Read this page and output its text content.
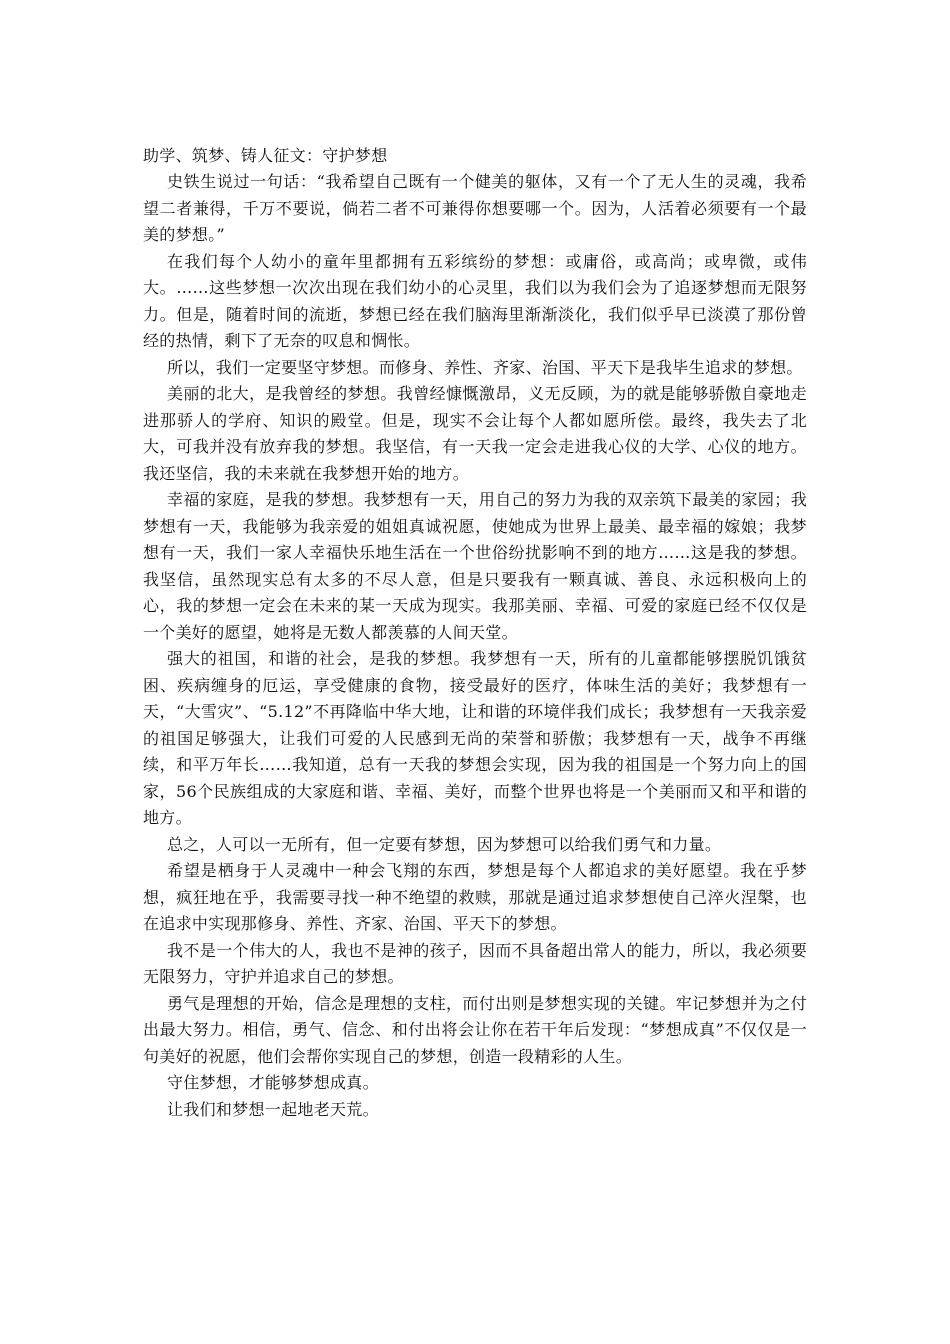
助学、筑梦、铸人征文：守护梦想

史铁生说过一句话：“我希望自己既有一个健美的躯体，又有一个了无人生的灵魂，我希望二者兼得，千万不要说，倘若二者不可兼得你想要哪一个。因为，人活着必须要有一个最美的梦想。”

在我们每个人幼小的童年里都拥有五彩缤纷的梦想：或庸俗，或高尚；或卑微，或伟大。……这些梦想一次次出现在我们幼小的心灵里，我们以为我们会为了追逐梦想而无限努力。但是，随着时间的流逝，梦想已经在我们脑海里渐渐淡化，我们似乎早已淡漠了那份曾经的热情，剩下了无奈的叹息和惆怅。

所以，我们一定要坚守梦想。而修身、养性、齐家、治国、平天下是我毕生追求的梦想。

美丽的北大，是我曾经的梦想。我曾经慷慨激昂，义无反顾，为的就是能够骄傲自豪地走进那骄人的学府、知识的殿堂。但是，现实不会让每个人都如愿所偿。最终，我失去了北大，可我并没有放弃我的梦想。我坚信，有一天我一定会走进我心仪的大学、心仪的地方。我还坚信，我的未来就在我梦想开始的地方。

幸福的家庭，是我的梦想。我梦想有一天，用自己的努力为我的双亲筑下最美的家园；我梦想有一天，我能够为我亲爱的姐姐真诚祝愿，使她成为世界上最美、最幸福的嫁娘；我梦想有一天，我们一家人幸福快乐地生活在一个世俗纷扰影响不到的地方……这是我的梦想。我坚信，虽然现实总有太多的不尽人意，但是只要我有一颗真诚、善良、永远积极向上的心，我的梦想一定会在未来的某一天成为现实。我那美丽、幸福、可爱的家庭已经不仅仅是一个美好的愿望，她将是无数人都羡慕的人间天堂。

强大的祖国，和谐的社会，是我的梦想。我梦想有一天，所有的儿童都能够摆脱饥饿贫困、疾病缠身的厄运，享受健康的食物，接受最好的医疗，体味生活的美好；我梦想有一天，“大雪灾”、“5.12”不再降临中华大地，让和谐的环境伴我们成长；我梦想有一天我亲爱的祖国足够强大，让我们可爱的人民感到无尚的荣誉和骄傲；我梦想有一天，战争不再继续，和平万年长……我知道，总有一天我的梦想会实现，因为我的祖国是一个努力向上的国家，56个民族组成的大家庭和谐、幸福、美好，而整个世界也将是一个美丽而又和平和谐的地方。

总之，人可以一无所有，但一定要有梦想，因为梦想可以给我们勇气和力量。

希望是栖身于人灵魂中一种会飞翔的东西，梦想是每个人都追求的美好愿望。我在乎梦想，疯狂地在乎，我需要寻找一种不绝望的救赎，那就是通过追求梦想使自己淬火涅槃，也在追求中实现那修身、养性、齐家、治国、平天下的梦想。

我不是一个伟大的人，我也不是神的孩子，因而不具备超出常人的能力，所以，我必须要无限努力，守护并追求自己的梦想。

勇气是理想的开始，信念是理想的支柱，而付出则是梦想实现的关键。牢记梦想并为之付出最大努力。相信，勇气、信念、和付出将会让你在若干年后发现：“梦想成真”不仅仅是一句美好的祝愿，他们会帮你实现自己的梦想，创造一段精彩的人生。

守住梦想，才能够梦想成真。

让我们和梦想一起地老天荒。
